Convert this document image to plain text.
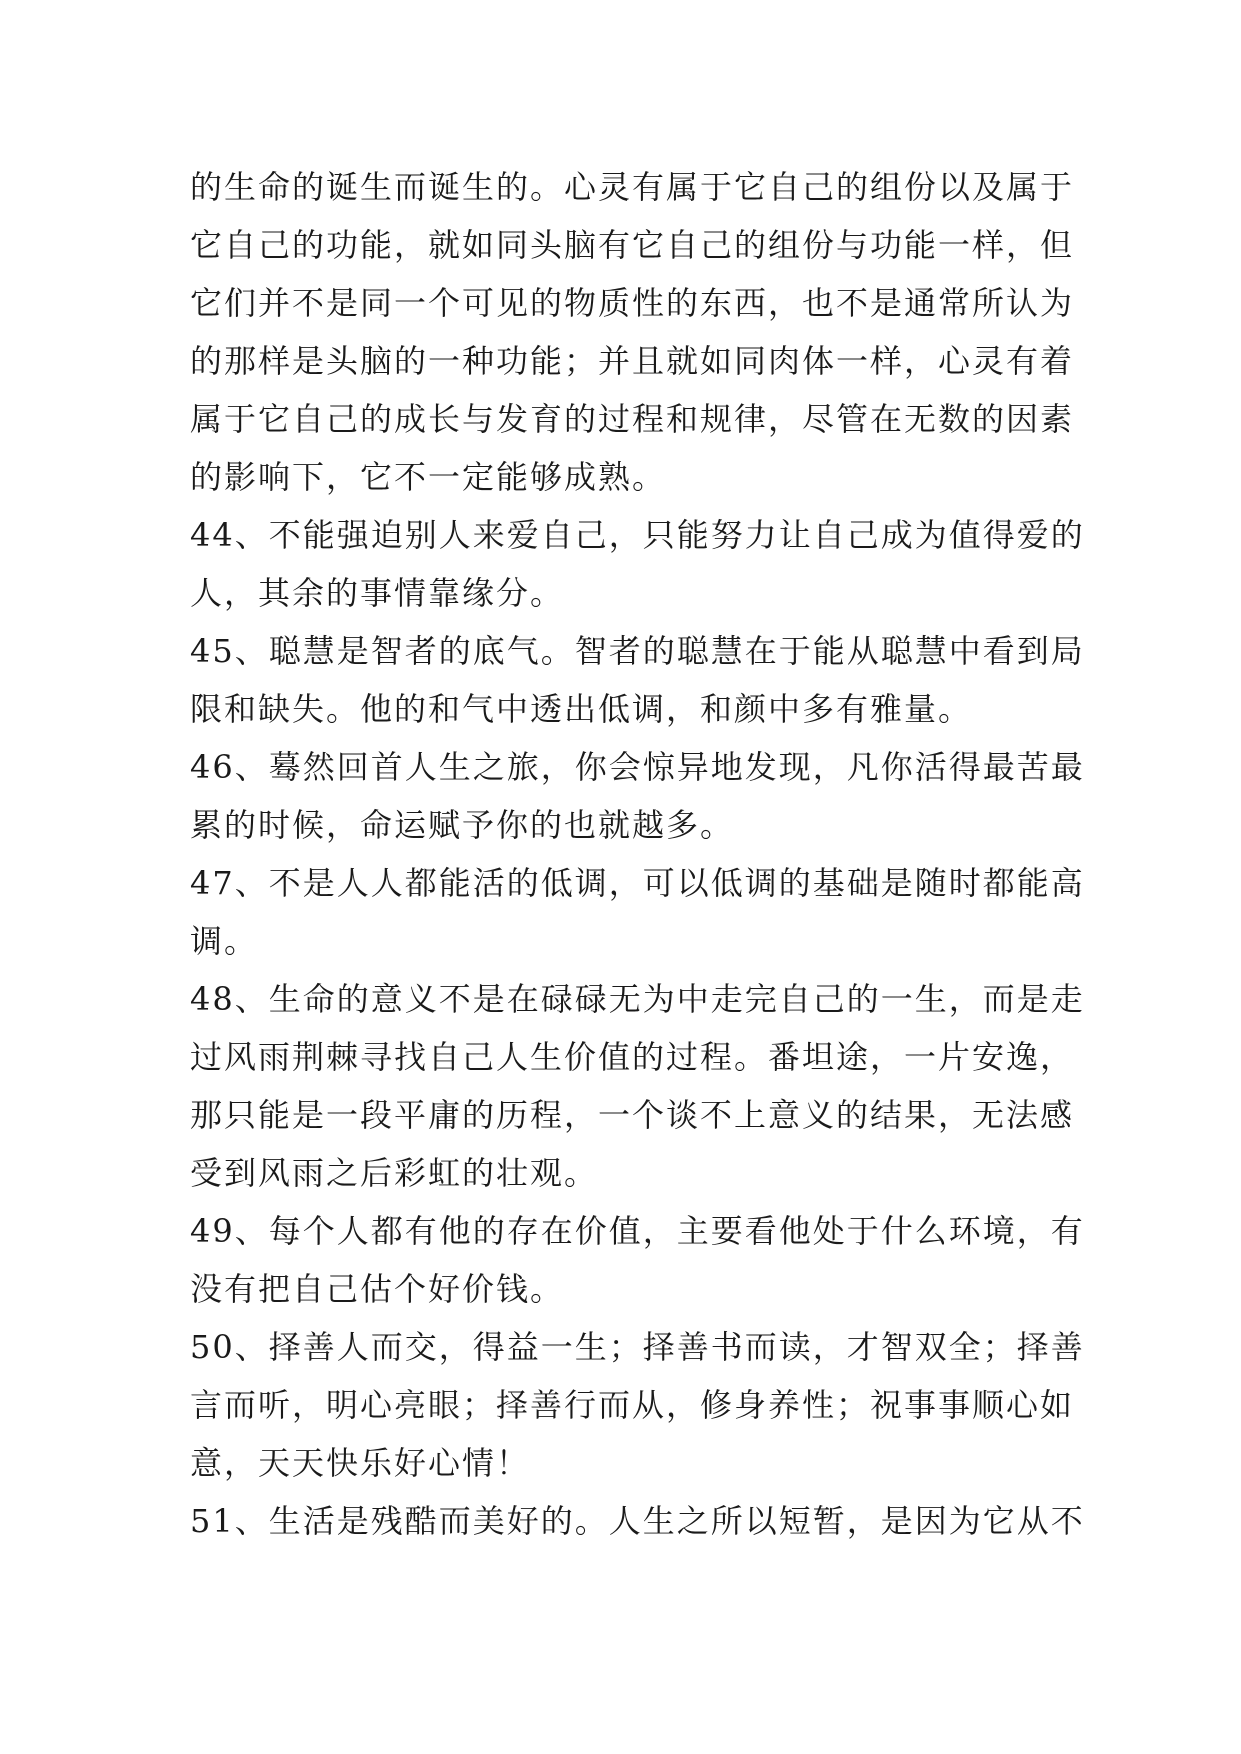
的生命的诞生而诞生的。心灵有属于它自己的组份以及属于
它自己的功能，就如同头脑有它自己的组份与功能一样，但
它们并不是同一个可见的物质性的东西，也不是通常所认为
的那样是头脑的一种功能；并且就如同肉体一样，心灵有着
属于它自己的成长与发育的过程和规律，尽管在无数的因素
的影响下，它不一定能够成熟。
44、不能强迫别人来爱自己，只能努力让自己成为值得爱的
人，其余的事情靠缘分。
45、聪慧是智者的底气。智者的聪慧在于能从聪慧中看到局
限和缺失。他的和气中透出低调，和颜中多有雅量。
46、蓦然回首人生之旅，你会惊异地发现，凡你活得最苦最
累的时候，命运赋予你的也就越多。
47、不是人人都能活的低调，可以低调的基础是随时都能高
调。
48、生命的意义不是在碌碌无为中走完自己的一生，而是走
过风雨荆棘寻找自己人生价值的过程。番坦途，一片安逸，
那只能是一段平庸的历程，一个谈不上意义的结果，无法感
受到风雨之后彩虹的壮观。
49、每个人都有他的存在价值，主要看他处于什么环境，有
没有把自己估个好价钱。
50、择善人而交，得益一生；择善书而读，才智双全；择善
言而听，明心亮眼；择善行而从，修身养性；祝事事顺心如
意，天天快乐好心情！
51、生活是残酷而美好的。人生之所以短暂，是因为它从不
